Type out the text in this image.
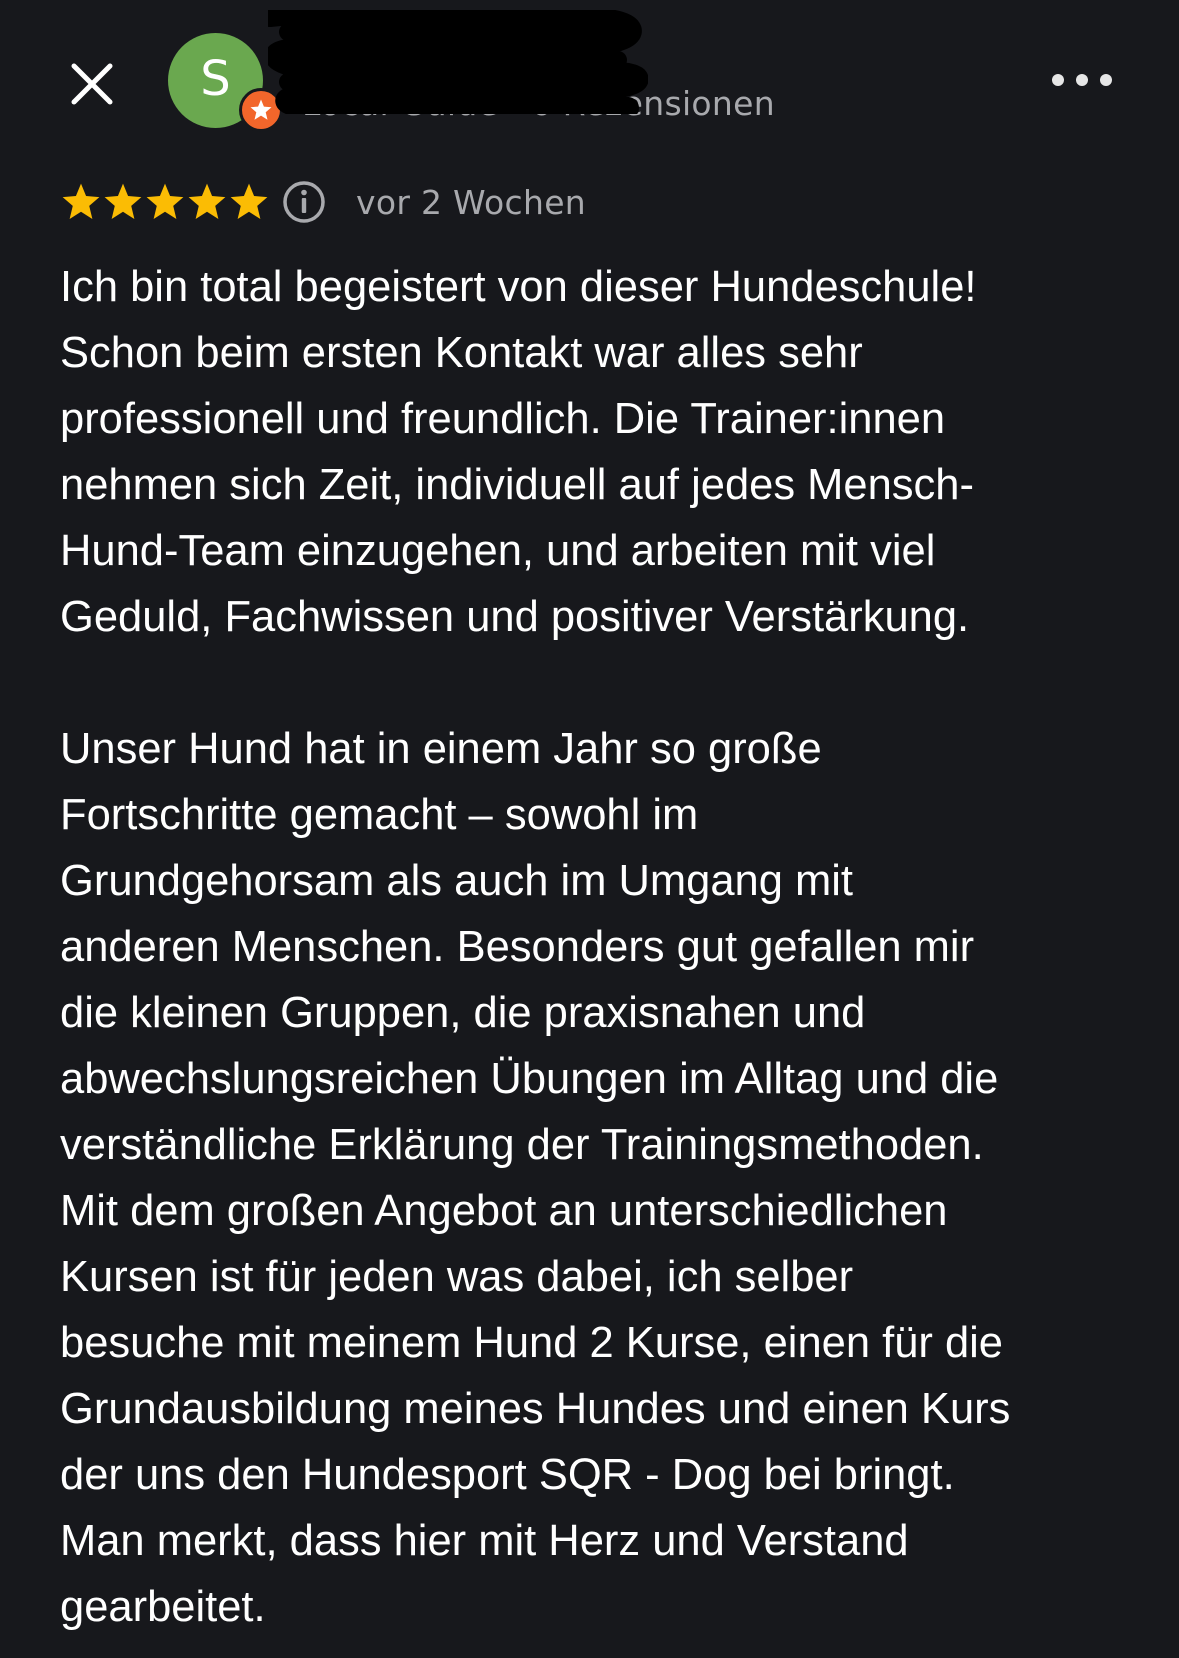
S
Sa··· P···
Local Guide · 6 Rezensionen
vor 2 Wochen

Ich bin total begeistert von dieser Hundeschule!
Schon beim ersten Kontakt war alles sehr
professionell und freundlich. Die Trainer:innen
nehmen sich Zeit, individuell auf jedes Mensch-
Hund-Team einzugehen, und arbeiten mit viel
Geduld, Fachwissen und positiver Verstärkung.

Unser Hund hat in einem Jahr so große
Fortschritte gemacht – sowohl im
Grundgehorsam als auch im Umgang mit
anderen Menschen. Besonders gut gefallen mir
die kleinen Gruppen, die praxisnahen und
abwechslungsreichen Übungen im Alltag und die
verständliche Erklärung der Trainingsmethoden.
Mit dem großen Angebot an unterschiedlichen
Kursen ist für jeden was dabei, ich selber
besuche mit meinem Hund 2 Kurse, einen für die
Grundausbildung meines Hundes und einen Kurs
der uns den Hundesport SQR - Dog bei bringt.
Man merkt, dass hier mit Herz und Verstand
gearbeitet.
